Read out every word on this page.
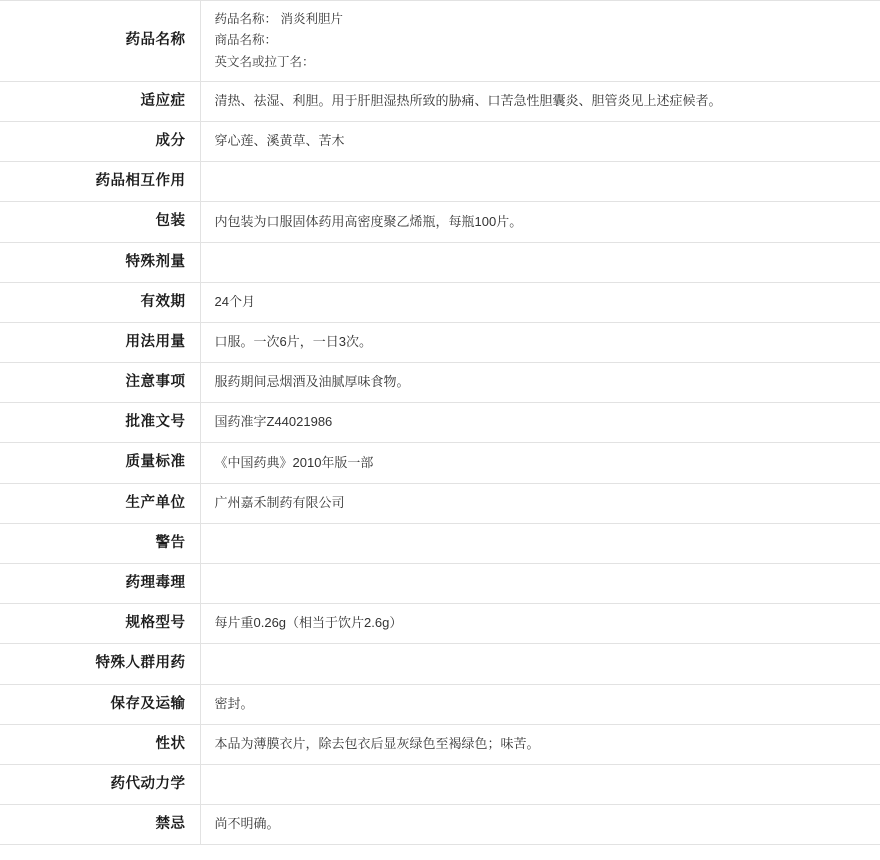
药品名称	药品名称： 消炎利胆片
商品名称：
英文名或拉丁名：

适应症	清热、祛湿、利胆。用于肝胆湿热所致的胁痛、口苦急性胆囊炎、胆管炎见上述症候者。

成分	穿心莲、溪黄草、苦木

药品相互作用	

包装	内包装为口服固体药用高密度聚乙烯瓶，每瓶100片。

特殊剂量	

有效期	24个月

用法用量	口服。一次6片，一日3次。

注意事项	服药期间忌烟酒及油腻厚味食物。

批准文号	国药准字Z44021986

质量标准	《中国药典》2010年版一部

生产单位	广州嘉禾制药有限公司

警告	

药理毒理	

规格型号	每片重0.26g（相当于饮片2.6g）

特殊人群用药	

保存及运输	密封。

性状	本品为薄膜衣片，除去包衣后显灰绿色至褐绿色；味苦。

药代动力学	

禁忌	尚不明确。
